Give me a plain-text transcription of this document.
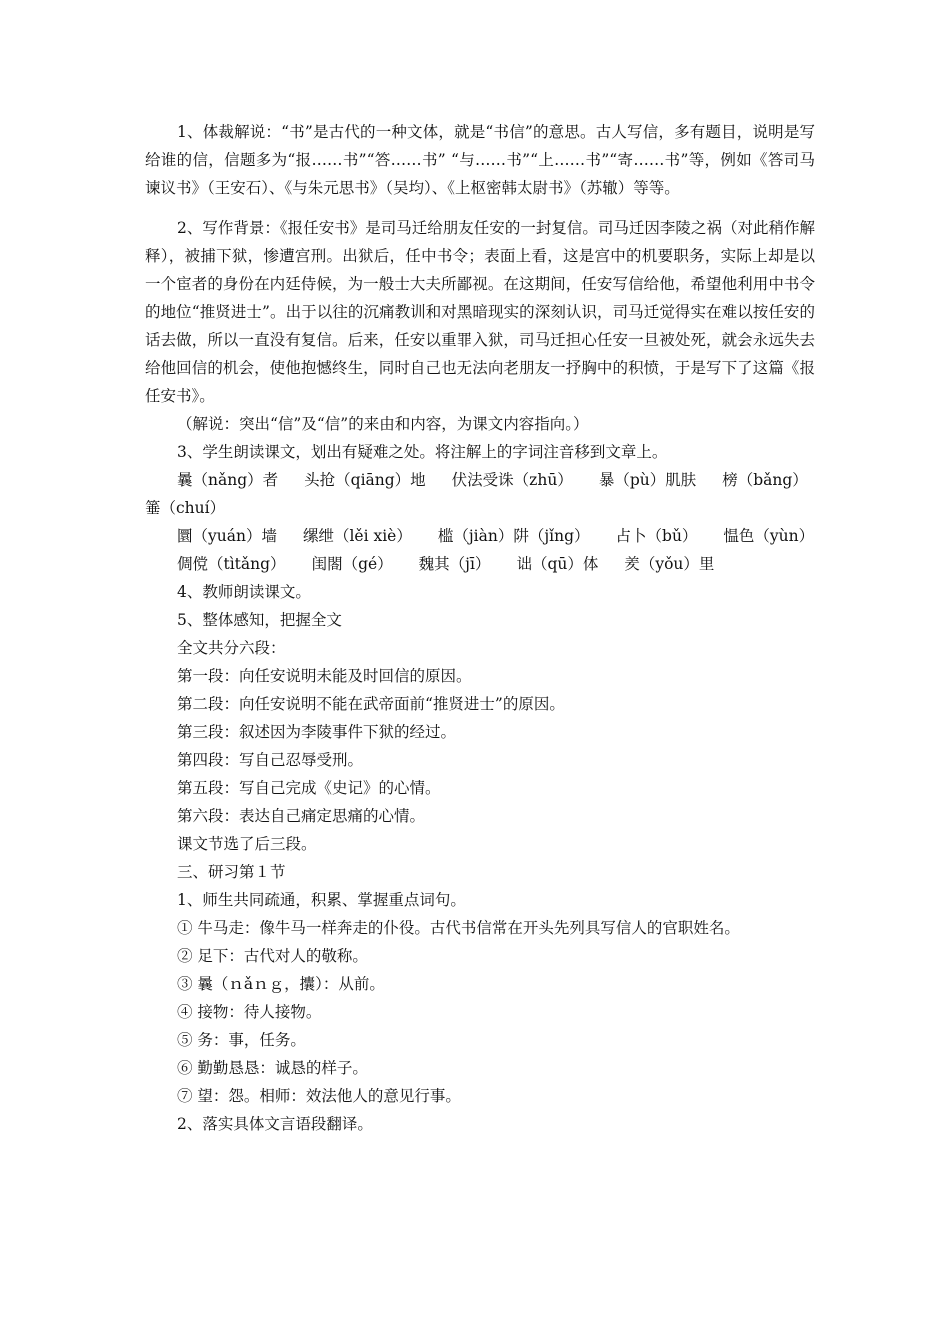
1、体裁解说：“书”是古代的一种文体，就是“书信”的意思。古人写信，多有题目，说明是写给谁的信，信题多为“报……书”“答……书” “与……书”“上……书”“寄……书”等，例如《答司马谏议书》（王安石）、《与朱元思书》（吴均）、《上枢密韩太尉书》（苏辙）等等。

2、写作背景：《报任安书》是司马迁给朋友任安的一封复信。司马迁因李陵之祸（对此稍作解释），被捕下狱，惨遭宫刑。出狱后，任中书令；表面上看，这是宫中的机要职务，实际上却是以一个宦者的身份在内廷侍候，为一般士大夫所鄙视。在这期间，任安写信给他，希望他利用中书令的地位“推贤进士”。出于以往的沉痛教训和对黑暗现实的深刻认识，司马迁觉得实在难以按任安的话去做，所以一直没有复信。后来，任安以重罪入狱，司马迁担心任安一旦被处死，就会永远失去给他回信的机会，使他抱憾终生，同时自己也无法向老朋友一抒胸中的积愤，于是写下了这篇《报任安书》。

（解说：突出“信”及“信”的来由和内容，为课文内容指向。）

3、学生朗读课文，划出有疑难之处。将注解上的字词注音移到文章上。

曩（nǎng）者 头抢（qiāng）地 伏法受诛（zhū） 暴（pù）肌肤 榜（bǎng）箠（chuí）

圜（yuán）墙 缧绁（lěi xiè） 槛（jiàn）阱（jǐng） 占卜（bǔ） 愠色（yùn）

倜傥（tìtǎng） 闺閤（gé） 魏其（jī） 诎（qū）体 羑（yǒu）里

4、教师朗读课文。

5、整体感知，把握全文

全文共分六段：

第一段：向任安说明未能及时回信的原因。

第二段：向任安说明不能在武帝面前“推贤进士”的原因。

第三段：叙述因为李陵事件下狱的经过。

第四段：写自己忍辱受刑。

第五段：写自己完成《史记》的心情。

第六段：表达自己痛定思痛的心情。

课文节选了后三段。

三、研习第１节

1、师生共同疏通，积累、掌握重点词句。

① 牛马走：像牛马一样奔走的仆役。古代书信常在开头先列具写信人的官职姓名。

② 足下：古代对人的敬称。

③ 曩（ｎǎｎｇ，攮）：从前。

④ 接物：待人接物。

⑤ 务：事，任务。

⑥ 勤勤恳恳：诚恳的样子。

⑦ 望：怨。相师：效法他人的意见行事。

2、落实具体文言语段翻译。
